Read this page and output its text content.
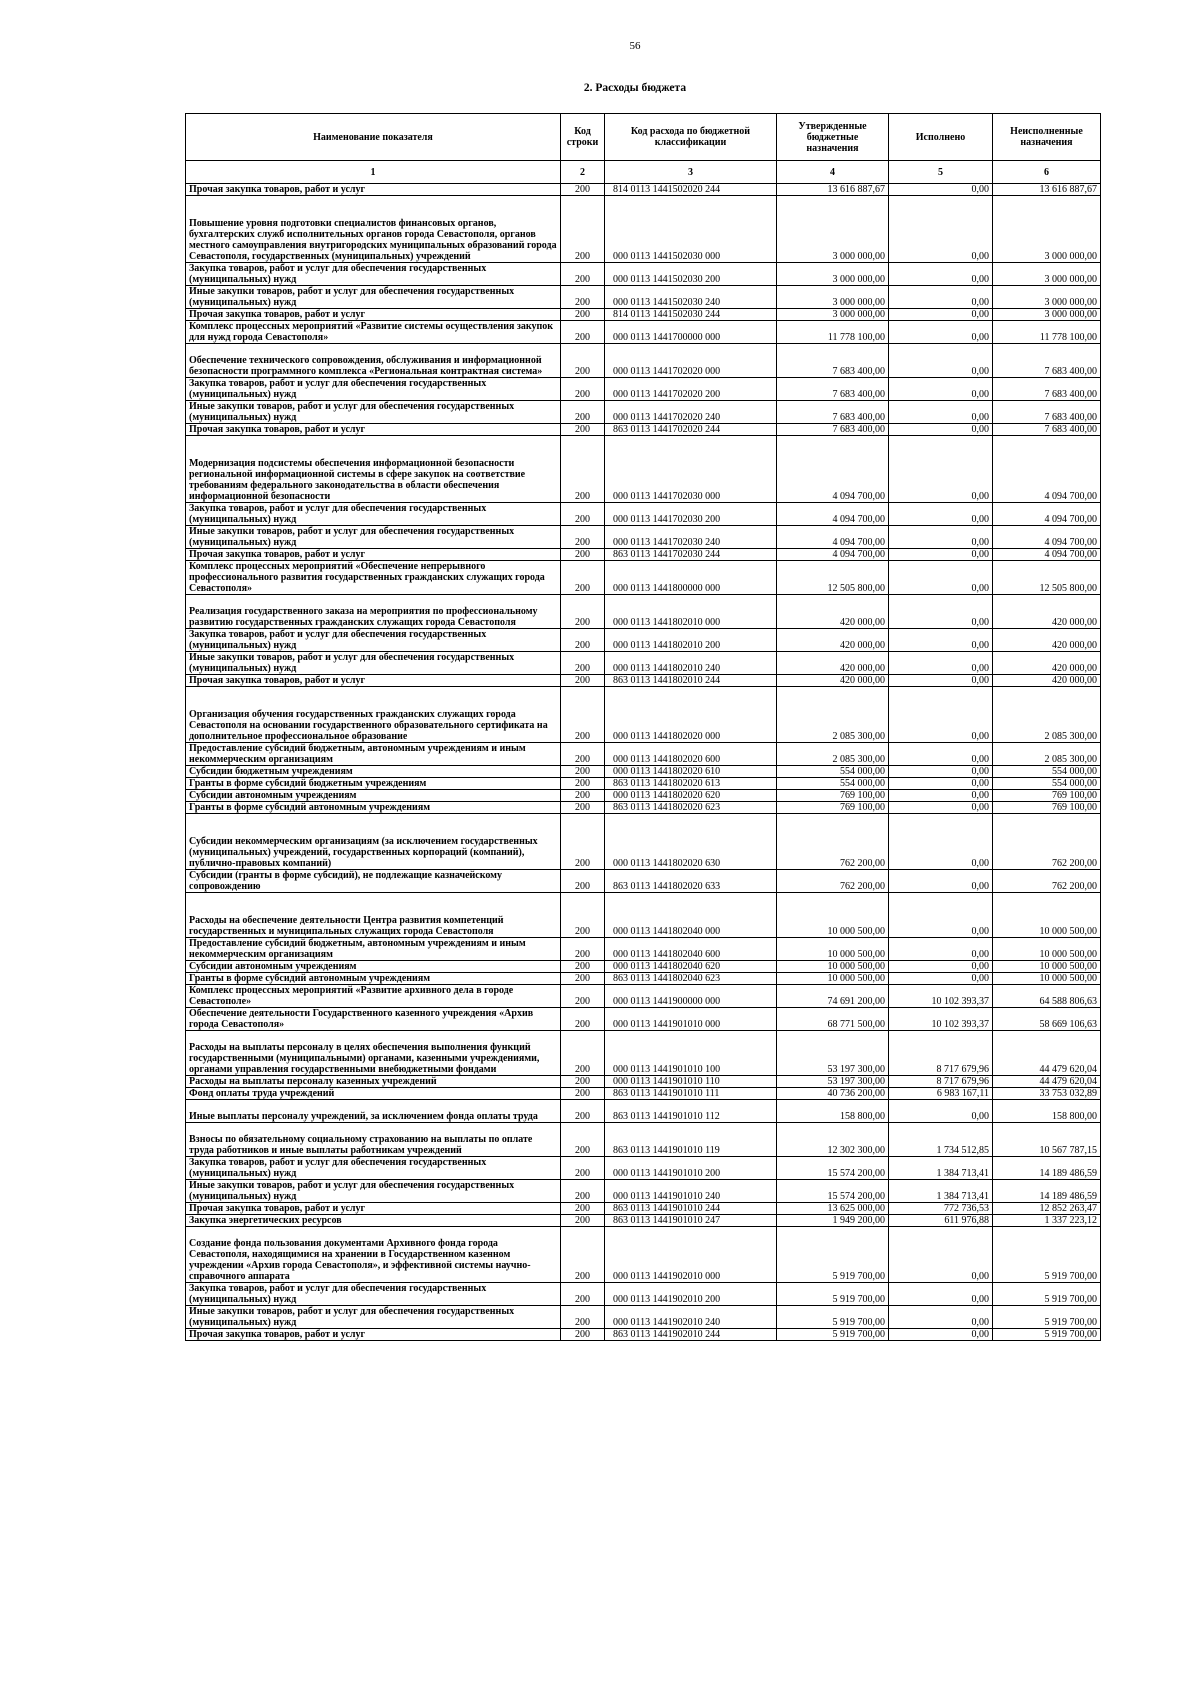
56
2. Расходы бюджета
Наименование показателя	Код строки	Код расхода по бюджетной классификации	Утвержденные бюджетные назначения	Исполнено	Неисполненные назначения
1	2	3	4	5	6
Прочая закупка товаров, работ и услуг	200	814 0113 1441502020 244	13 616 887,67	0,00	13 616 887,67
Повышение уровня подготовки специалистов финансовых органов, бухгалтерских служб исполнительных органов города Севастополя, органов местного самоуправления внутригородских муниципальных образований города Севастополя, государственных (муниципальных) учреждений	200	000 0113 1441502030 000	3 000 000,00	0,00	3 000 000,00
Закупка товаров, работ и услуг для обеспечения государственных (муниципальных) нужд	200	000 0113 1441502030 200	3 000 000,00	0,00	3 000 000,00
Иные закупки товаров, работ и услуг для обеспечения государственных (муниципальных) нужд	200	000 0113 1441502030 240	3 000 000,00	0,00	3 000 000,00
Прочая закупка товаров, работ и услуг	200	814 0113 1441502030 244	3 000 000,00	0,00	3 000 000,00
Комплекс процессных мероприятий «Развитие системы осуществления закупок для нужд города Севастополя»	200	000 0113 1441700000 000	11 778 100,00	0,00	11 778 100,00
Обеспечение технического сопровождения, обслуживания и информационной безопасности программного комплекса «Региональная контрактная система»	200	000 0113 1441702020 000	7 683 400,00	0,00	7 683 400,00
Закупка товаров, работ и услуг для обеспечения государственных (муниципальных) нужд	200	000 0113 1441702020 200	7 683 400,00	0,00	7 683 400,00
Иные закупки товаров, работ и услуг для обеспечения государственных (муниципальных) нужд	200	000 0113 1441702020 240	7 683 400,00	0,00	7 683 400,00
Прочая закупка товаров, работ и услуг	200	863 0113 1441702020 244	7 683 400,00	0,00	7 683 400,00
Модернизация подсистемы обеспечения информационной безопасности региональной информационной системы в сфере закупок на соответствие требованиям федерального законодательства в области обеспечения информационной безопасности	200	000 0113 1441702030 000	4 094 700,00	0,00	4 094 700,00
Закупка товаров, работ и услуг для обеспечения государственных (муниципальных) нужд	200	000 0113 1441702030 200	4 094 700,00	0,00	4 094 700,00
Иные закупки товаров, работ и услуг для обеспечения государственных (муниципальных) нужд	200	000 0113 1441702030 240	4 094 700,00	0,00	4 094 700,00
Прочая закупка товаров, работ и услуг	200	863 0113 1441702030 244	4 094 700,00	0,00	4 094 700,00
Комплекс процессных мероприятий «Обеспечение непрерывного профессионального развития государственных гражданских служащих города Севастополя»	200	000 0113 1441800000 000	12 505 800,00	0,00	12 505 800,00
Реализация государственного заказа на мероприятия по профессиональному развитию государственных гражданских служащих города Севастополя	200	000 0113 1441802010 000	420 000,00	0,00	420 000,00
Закупка товаров, работ и услуг для обеспечения государственных (муниципальных) нужд	200	000 0113 1441802010 200	420 000,00	0,00	420 000,00
Иные закупки товаров, работ и услуг для обеспечения государственных (муниципальных) нужд	200	000 0113 1441802010 240	420 000,00	0,00	420 000,00
Прочая закупка товаров, работ и услуг	200	863 0113 1441802010 244	420 000,00	0,00	420 000,00
Организация обучения государственных гражданских служащих города Севастополя на основании государственного образовательного сертификата на дополнительное профессиональное образование	200	000 0113 1441802020 000	2 085 300,00	0,00	2 085 300,00
Предоставление субсидий бюджетным, автономным учреждениям и иным некоммерческим организациям	200	000 0113 1441802020 600	2 085 300,00	0,00	2 085 300,00
Субсидии бюджетным учреждениям	200	000 0113 1441802020 610	554 000,00	0,00	554 000,00
Гранты в форме субсидий бюджетным учреждениям	200	863 0113 1441802020 613	554 000,00	0,00	554 000,00
Субсидии автономным учреждениям	200	000 0113 1441802020 620	769 100,00	0,00	769 100,00
Гранты в форме субсидий автономным учреждениям	200	863 0113 1441802020 623	769 100,00	0,00	769 100,00
Субсидии некоммерческим организациям (за исключением государственных (муниципальных) учреждений, государственных корпораций (компаний), публично-правовых компаний)	200	000 0113 1441802020 630	762 200,00	0,00	762 200,00
Субсидии (гранты в форме субсидий), не подлежащие казначейскому сопровождению	200	863 0113 1441802020 633	762 200,00	0,00	762 200,00
Расходы на обеспечение деятельности Центра развития компетенций государственных и муниципальных служащих города Севастополя	200	000 0113 1441802040 000	10 000 500,00	0,00	10 000 500,00
Предоставление субсидий бюджетным, автономным учреждениям и иным некоммерческим организациям	200	000 0113 1441802040 600	10 000 500,00	0,00	10 000 500,00
Субсидии автономным учреждениям	200	000 0113 1441802040 620	10 000 500,00	0,00	10 000 500,00
Гранты в форме субсидий автономным учреждениям	200	863 0113 1441802040 623	10 000 500,00	0,00	10 000 500,00
Комплекс процессных мероприятий «Развитие архивного дела в городе Севастополе»	200	000 0113 1441900000 000	74 691 200,00	10 102 393,37	64 588 806,63
Обеспечение деятельности Государственного казенного учреждения «Архив города Севастополя»	200	000 0113 1441901010 000	68 771 500,00	10 102 393,37	58 669 106,63
Расходы на выплаты персоналу в целях обеспечения выполнения функций государственными (муниципальными) органами, казенными учреждениями, органами управления государственными внебюджетными фондами	200	000 0113 1441901010 100	53 197 300,00	8 717 679,96	44 479 620,04
Расходы на выплаты персоналу казенных учреждений	200	000 0113 1441901010 110	53 197 300,00	8 717 679,96	44 479 620,04
Фонд оплаты труда учреждений	200	863 0113 1441901010 111	40 736 200,00	6 983 167,11	33 753 032,89
Иные выплаты персоналу учреждений, за исключением фонда оплаты труда	200	863 0113 1441901010 112	158 800,00	0,00	158 800,00
Взносы по обязательному социальному страхованию на выплаты по оплате труда работников и иные выплаты работникам учреждений	200	863 0113 1441901010 119	12 302 300,00	1 734 512,85	10 567 787,15
Закупка товаров, работ и услуг для обеспечения государственных (муниципальных) нужд	200	000 0113 1441901010 200	15 574 200,00	1 384 713,41	14 189 486,59
Иные закупки товаров, работ и услуг для обеспечения государственных (муниципальных) нужд	200	000 0113 1441901010 240	15 574 200,00	1 384 713,41	14 189 486,59
Прочая закупка товаров, работ и услуг	200	863 0113 1441901010 244	13 625 000,00	772 736,53	12 852 263,47
Закупка энергетических ресурсов	200	863 0113 1441901010 247	1 949 200,00	611 976,88	1 337 223,12
Создание фонда пользования документами Архивного фонда города Севастополя, находящимися на хранении в Государственном казенном учреждении «Архив города Севастополя», и эффективной системы научно-справочного аппарата	200	000 0113 1441902010 000	5 919 700,00	0,00	5 919 700,00
Закупка товаров, работ и услуг для обеспечения государственных (муниципальных) нужд	200	000 0113 1441902010 200	5 919 700,00	0,00	5 919 700,00
Иные закупки товаров, работ и услуг для обеспечения государственных (муниципальных) нужд	200	000 0113 1441902010 240	5 919 700,00	0,00	5 919 700,00
Прочая закупка товаров, работ и услуг	200	863 0113 1441902010 244	5 919 700,00	0,00	5 919 700,00
